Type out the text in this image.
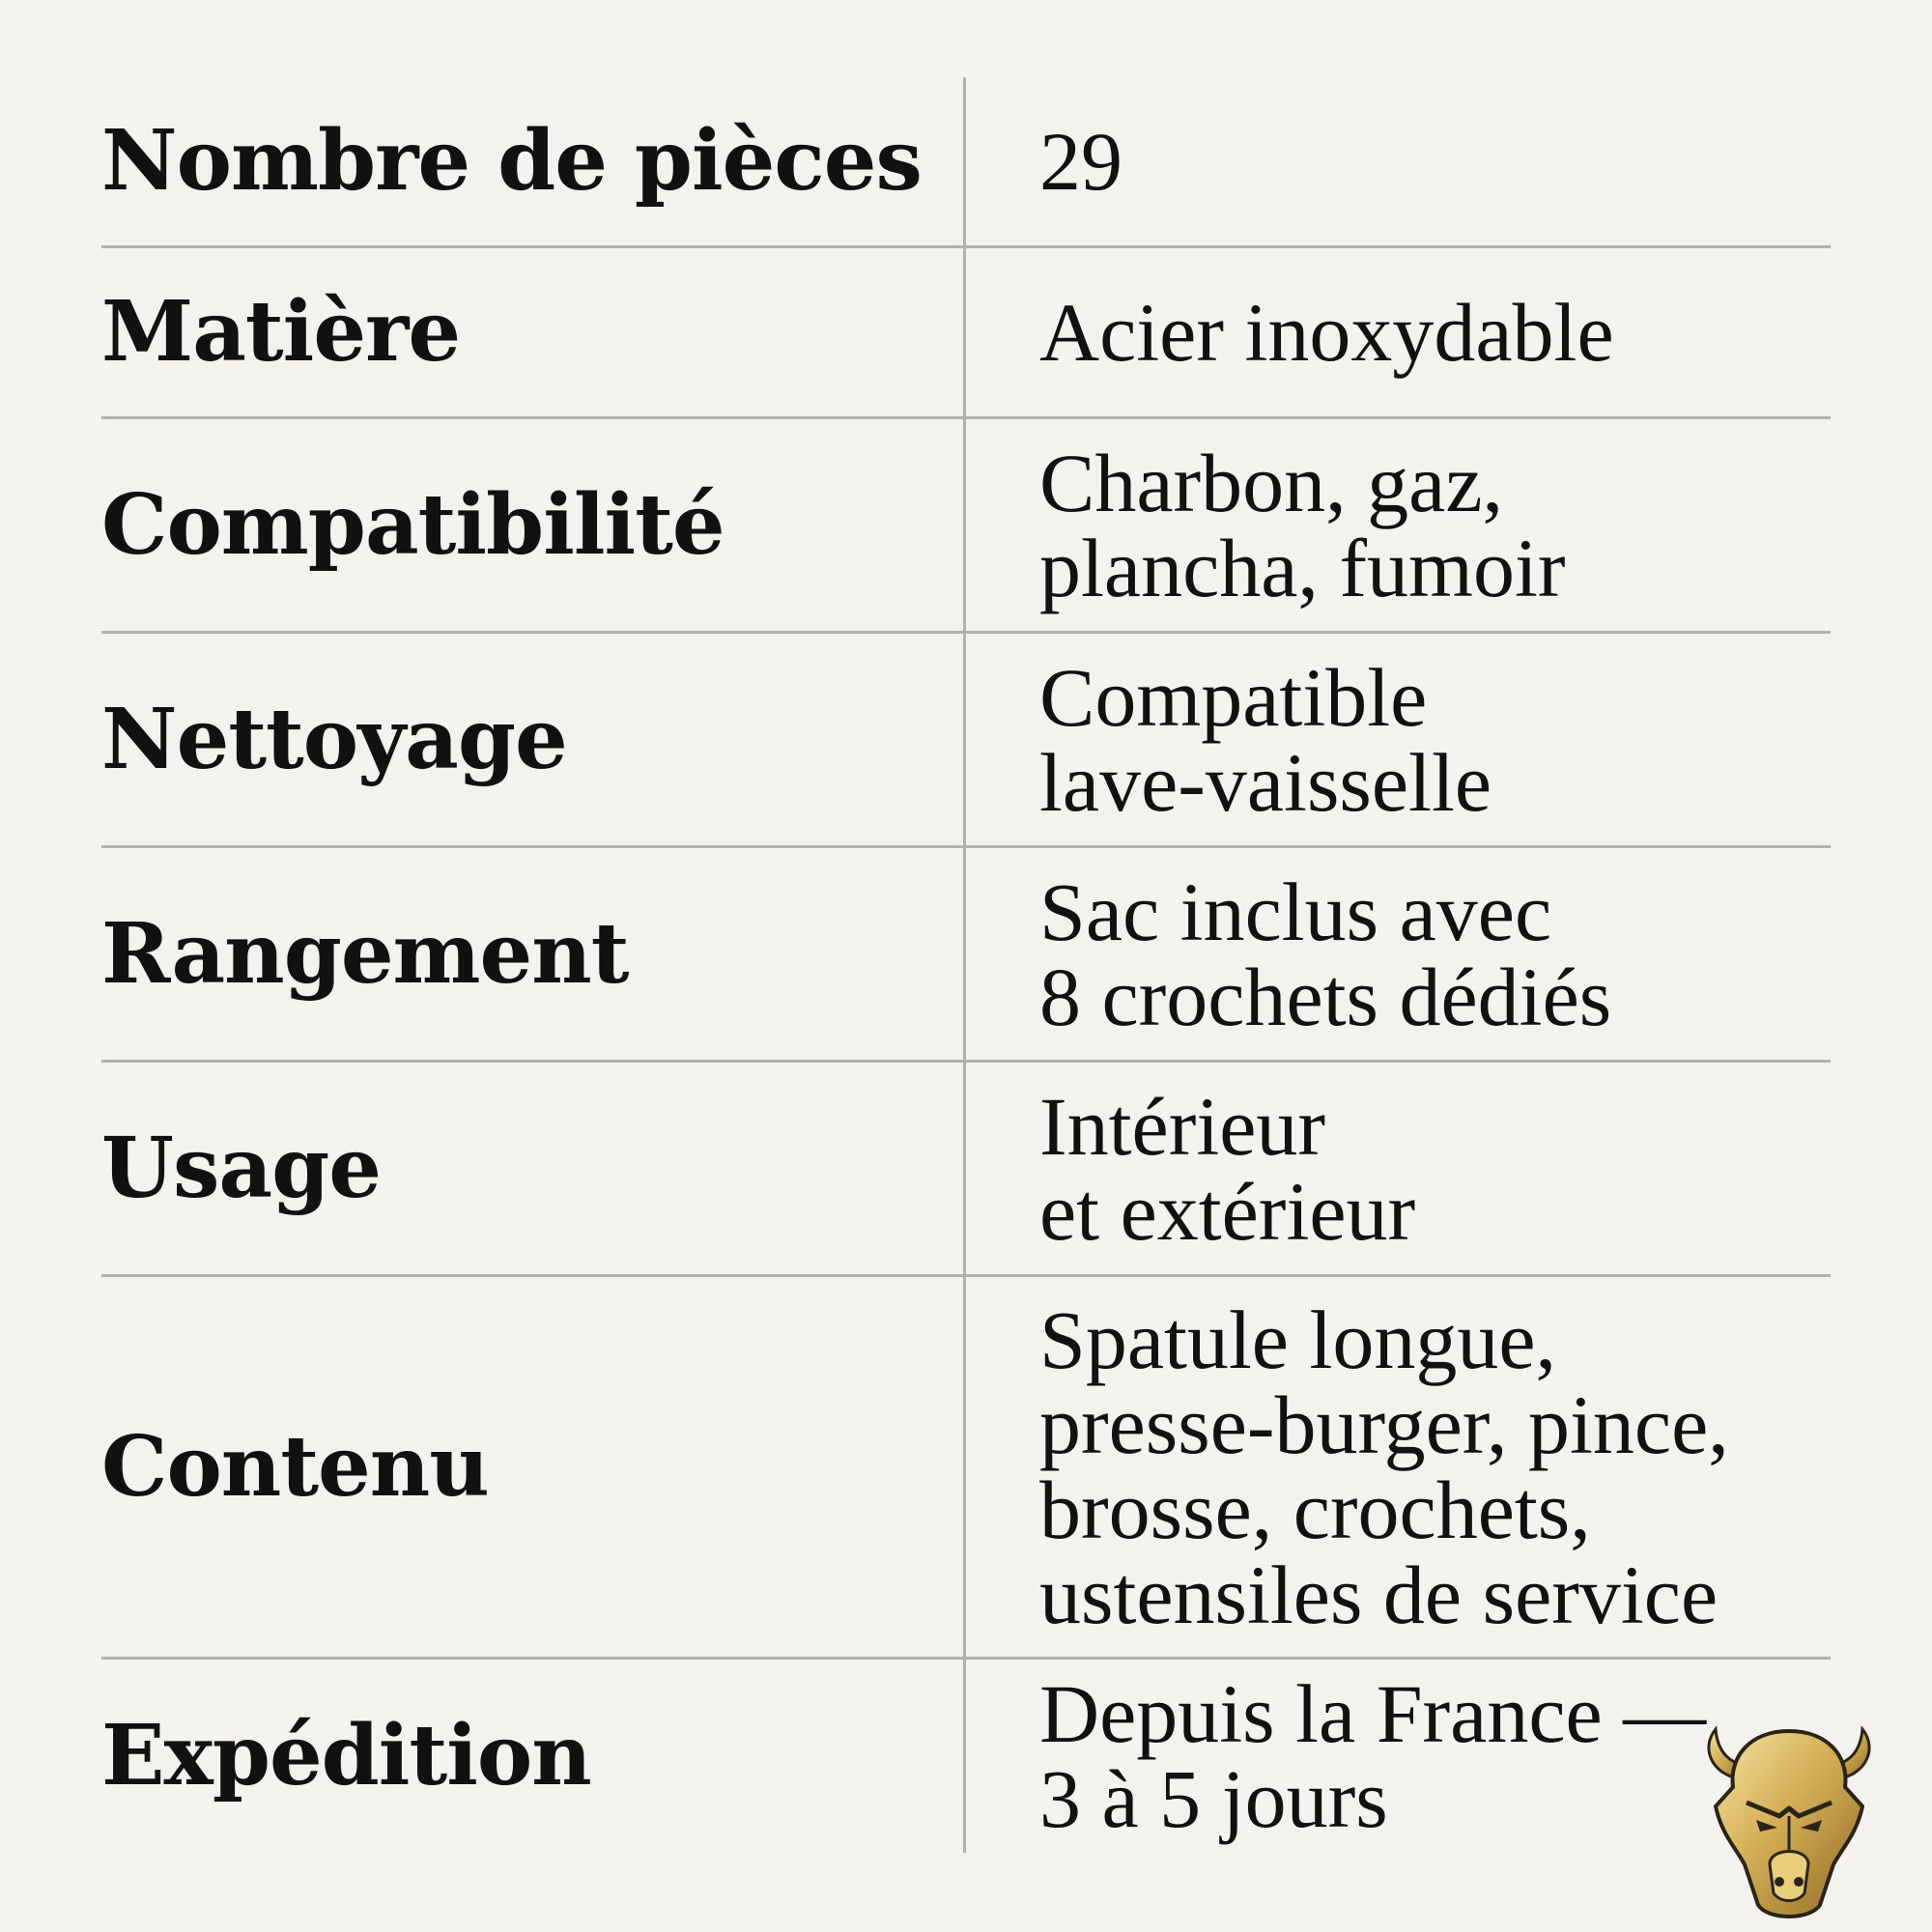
Nombre de pièces	29
Matière	Acier inoxydable
Compatibilité	Charbon, gaz,
plancha, fumoir
Nettoyage	Compatible
lave-vaisselle
Rangement	Sac inclus avec
8 crochets dédiés
Usage	Intérieur
et extérieur
Contenu
Spatule longue,
presse-burger, pince,
brosse, crochets,
ustensiles de service
Expédition	Depuis la France —
3 à 5 jours
